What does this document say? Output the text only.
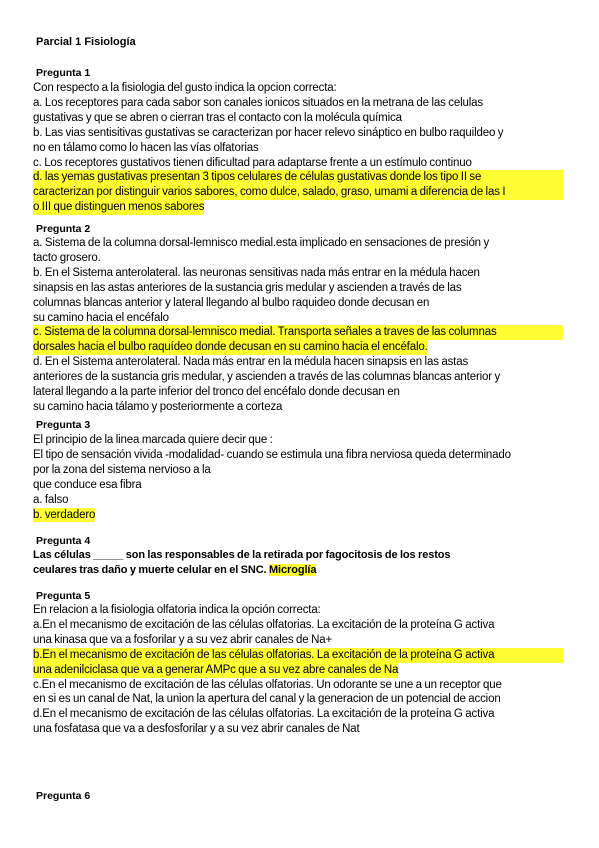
Parcial 1 Fisiología
Pregunta 1
Con respecto a la fisiologia del gusto indica la opcion correcta:
a. Los receptores para cada sabor son canales ionicos situados en la metrana de las celulas
gustativas y que se abren o cierran tras el contacto con la molécula química
b. Las vias sentisitivas gustativas se caracterizan por hacer relevo sináptico en bulbo raquildeo y
no en tálamo como lo hacen las vías olfatorias
c. Los receptores gustativos tienen dificultad para adaptarse frente a un estímulo continuo
d. las yemas gustativas presentan 3 tipos celulares de células gustativas donde los tipo II se
caracterizan por distinguir varios sabores, como dulce, salado, graso, umami a diferencia de las I
o III que distinguen menos sabores
Pregunta 2
a. Sistema de la columna dorsal-lemnisco medial.esta implicado en sensaciones de presión y
tacto grosero.
b. En el Sistema anterolateral. las neuronas sensitivas nada más entrar en la médula hacen
sinapsis en las astas anteriores de la sustancia gris medular y ascienden a través de las
columnas blancas anterior y lateral llegando al bulbo raquideo donde decusan en
su camino hacia el encéfalo
c. Sistema de la columna dorsal-lemnisco medial. Transporta señales a traves de las columnas
dorsales hacia el bulbo raquídeo donde decusan en su camino hacia el encéfalo.
d. En el Sistema anterolateral. Nada más entrar en la médula hacen sinapsis en las astas
anteriores de la sustancia gris medular, y ascienden a través de las columnas blancas anterior y
lateral llegando a la parte inferior del tronco del encéfalo donde decusan en
su camino hacia tálamo y posteriormente a corteza
Pregunta 3
El principio de la linea marcada quiere decir que :
El tipo de sensación vivida -modalidad- cuando se estimula una fibra nerviosa queda determinado
por la zona del sistema nervioso a la
que conduce esa fibra
a. falso
b. verdadero
Pregunta 4
Las células _____ son las responsables de la retirada por fagocitosis de los restos
ceulares tras daño y muerte celular en el SNC. Microglía
Pregunta 5
En relacion a la fisiologia olfatoria indica la opción correcta:
a.En el mecanismo de excitación de las células olfatorias. La excitación de la proteína G activa
una kinasa que va a fosforilar y a su vez abrir canales de Na+
b.En el mecanismo de excitación de las células olfatorias. La excitación de la proteína G activa
una adenilciclasa que va a generar AMPc que a su vez abre canales de Na
c.En el mecanismo de excitación de las células olfatorias. Un odorante se une a un receptor que
en si es un canal de Nat, la union la apertura del canal y la generacion de un potencial de accion
d.En el mecanismo de excitación de las células olfatorias. La excitación de la proteína G activa
una fosfatasa que va a desfosforilar y a su vez abrir canales de Nat
Pregunta 6
